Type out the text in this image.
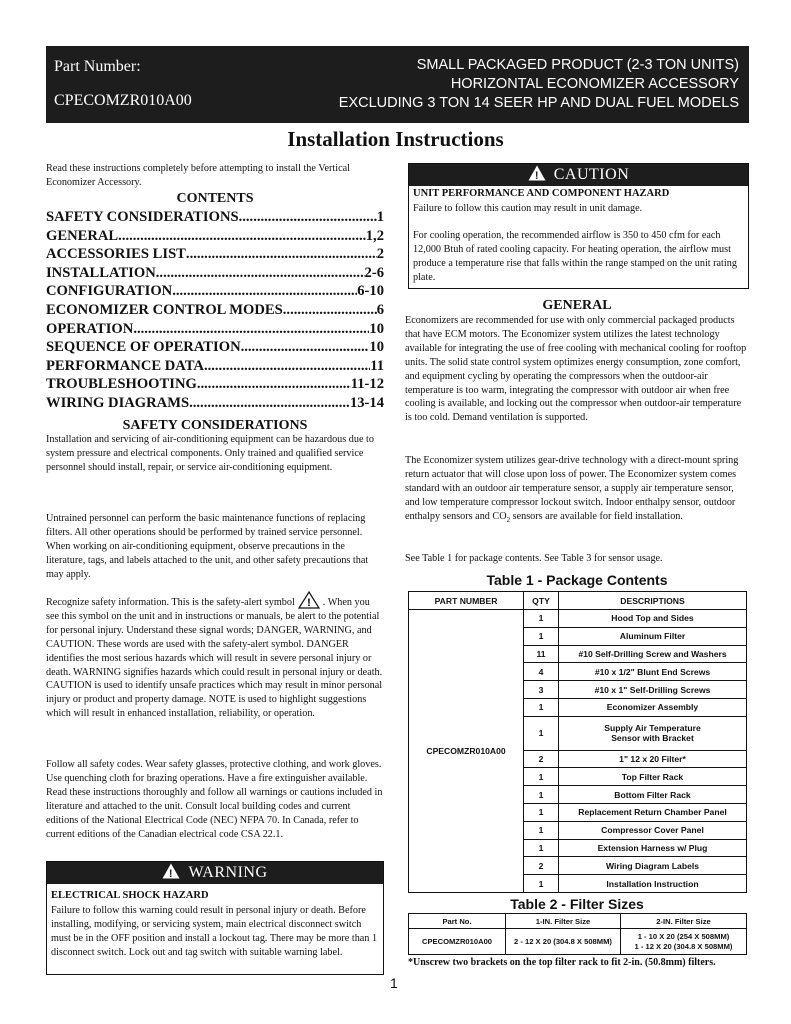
Part Number:
CPECOMZR010A00
SMALL PACKAGED PRODUCT (2-3 TON UNITS)
HORIZONTAL ECONOMIZER ACCESSORY
EXCLUDING 3 TON 14 SEER HP AND DUAL FUEL MODELS
Installation Instructions

Read these instructions completely before attempting to install the Vertical Economizer Accessory.

CONTENTS
SAFETY CONSIDERATIONS .....	1
GENERAL .....	1,2
ACCESSORIES LIST .....	2
INSTALLATION .....	2-6
CONFIGURATION .....	6-10
ECONOMIZER CONTROL MODES .....	6
OPERATION .....	10
SEQUENCE OF OPERATION .....	10
PERFORMANCE DATA .....	11
TROUBLESHOOTING .....	11-12
WIRING DIAGRAMS .....	13-14
SAFETY CONSIDERATIONS

Installation and servicing of air-conditioning equipment can be hazardous due to system pressure and electrical components. Only trained and qualified service personnel should install, repair, or service air-conditioning equipment.

Untrained personnel can perform the basic maintenance functions of replacing filters. All other operations should be performed by trained service personnel. When working on air-conditioning equipment, observe precautions in the literature, tags, and labels attached to the unit, and other safety precautions that may apply.

Recognize safety information. This is the safety-alert symbol ! . When you see this symbol on the unit and in instructions or manuals, be alert to the potential for personal injury. Understand these signal words; DANGER, WARNING, and CAUTION. These words are used with the safety-alert symbol. DANGER identifies the most serious hazards which will result in severe personal injury or death. WARNING signifies hazards which could result in personal injury or death. CAUTION is used to identify unsafe practices which may result in minor personal injury or product and property damage. NOTE is used to highlight suggestions which will result in enhanced installation, reliability, or operation.

Follow all safety codes. Wear safety glasses, protective clothing, and work gloves. Use quenching cloth for brazing operations. Have a fire extinguisher available. Read these instructions thoroughly and follow all warnings or cautions included in literature and attached to the unit. Consult local building codes and current editions of the National Electrical Code (NEC) NFPA 70. In Canada, refer to current editions of the Canadian electrical code CSA 22.1.

! WARNING
ELECTRICAL SHOCK HAZARD

Failure to follow this warning could result in personal injury or death. Before installing, modifying, or servicing system, main electrical disconnect switch must be in the OFF position and install a lockout tag. There may be more than 1 disconnect switch. Lock out and tag switch with suitable warning label.

! CAUTION
UNIT PERFORMANCE AND COMPONENT HAZARD

Failure to follow this caution may result in unit damage.

For cooling operation, the recommended airflow is 350 to 450 cfm for each 12,000 Btuh of rated cooling capacity. For heating operation, the airflow must produce a temperature rise that falls within the range stamped on the unit rating plate.

GENERAL

Economizers are recommended for use with only commercial packaged products that have ECM motors. The Economizer system utilizes the latest technology available for integrating the use of free cooling with mechanical cooling for rooftop units. The solid state control system optimizes energy consumption, zone comfort, and equipment cycling by operating the compressors when the outdoor-air temperature is too warm, integrating the compressor with outdoor air when free cooling is available, and locking out the compressor when outdoor-air temperature is too cold. Demand ventilation is supported.

The Economizer system utilizes gear-drive technology with a direct-mount spring return actuator that will close upon loss of power. The Economizer system comes standard with an outdoor air temperature sensor, a supply air temperature sensor, and low temperature compressor lockout switch. Indoor enthalpy sensor, outdoor enthalpy sensors and $CO_2$ sensors are available for field installation.

See Table 1 for package contents. See Table 3 for sensor usage.

Table 1 - Package Contents
PART NUMBER	QTY	DESCRIPTIONS
CPECOMZR010A00	1	Hood Top and Sides
	1	Aluminum Filter
	11	#10 Self-Drilling Screw and Washers
	4	#10 x 1/2" Blunt End Screws
	3	#10 x 1" Self-Drilling Screws
	1	Economizer Assembly
	1	Supply Air Temperature Sensor with Bracket
	2	1" 12 x 20 Filter*
	1	Top Filter Rack
	1	Bottom Filter Rack
	1	Replacement Return Chamber Panel
	1	Compressor Cover Panel
	1	Extension Harness w/ Plug
	2	Wiring Diagram Labels
	1	Installation Instruction
Table 2 - Filter Sizes
Part No.	1-IN. Filter Size	2-IN. Filter Size
CPECOMZR010A00	2 - 12 X 20 (304.8 X 508MM)	1 - 10 X 20 (254 X 508MM)
1 - 12 X 20 (304.8 X 508MM)
*Unscrew two brackets on the top filter rack to fit 2-in. (50.8mm) filters.
1
